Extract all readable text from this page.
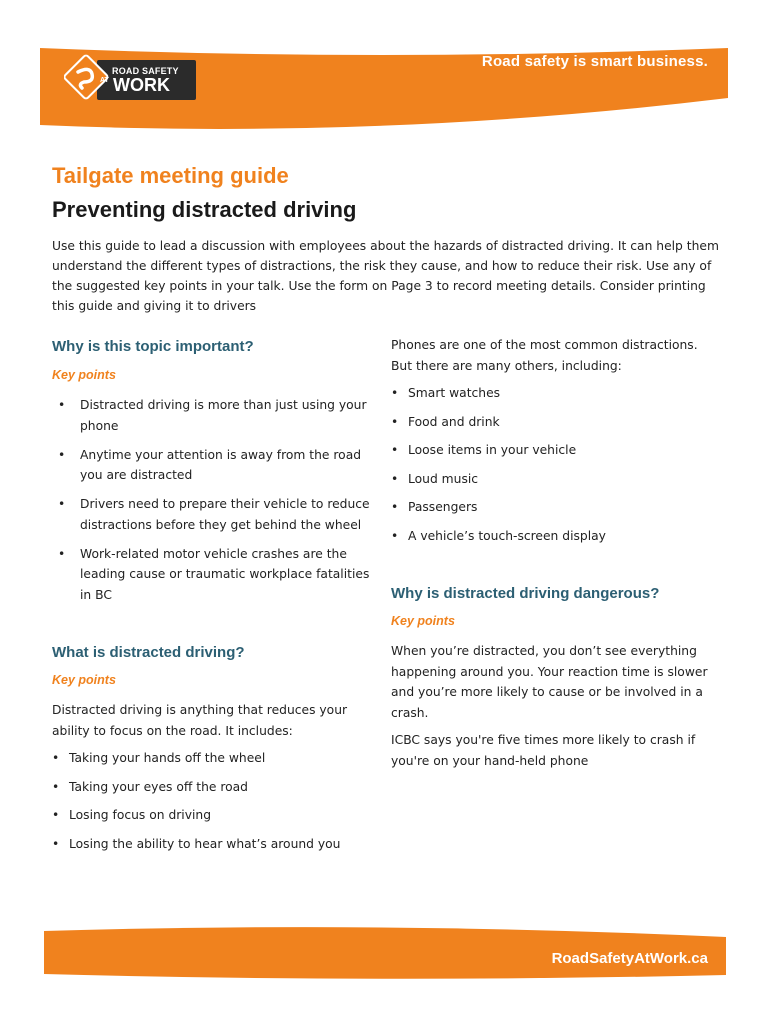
ROAD SAFETY
AT WORK
Road safety is smart business.
Tailgate meeting guide
Preventing distracted driving
Use this guide to lead a discussion with employees about the hazards of distracted driving. It can help them understand the different types of distractions, the risk they cause, and how to reduce their risk. Use any of the suggested key points in your talk. Use the form on Page 3 to record meeting details. Consider printing this guide and giving it to drivers
Why is this topic important?
Key points
• Distracted driving is more than just using your phone
• Anytime your attention is away from the road you are distracted
• Drivers need to prepare their vehicle to reduce distractions before they get behind the wheel
• Work-related motor vehicle crashes are the leading cause or traumatic workplace fatalities in BC
What is distracted driving?
Key points
Distracted driving is anything that reduces your ability to focus on the road. It includes:
• Taking your hands off the wheel
• Taking your eyes off the road
• Losing focus on driving
• Losing the ability to hear what’s around you
Phones are one of the most common distractions. But there are many others, including:
• Smart watches
• Food and drink
• Loose items in your vehicle
• Loud music
• Passengers
• A vehicle’s touch-screen display
Why is distracted driving dangerous?
Key points
When you’re distracted, you don’t see everything happening around you. Your reaction time is slower and you’re more likely to cause or be involved in a crash.
ICBC says you're five times more likely to crash if you're on your hand-held phone
RoadSafetyAtWork.ca
